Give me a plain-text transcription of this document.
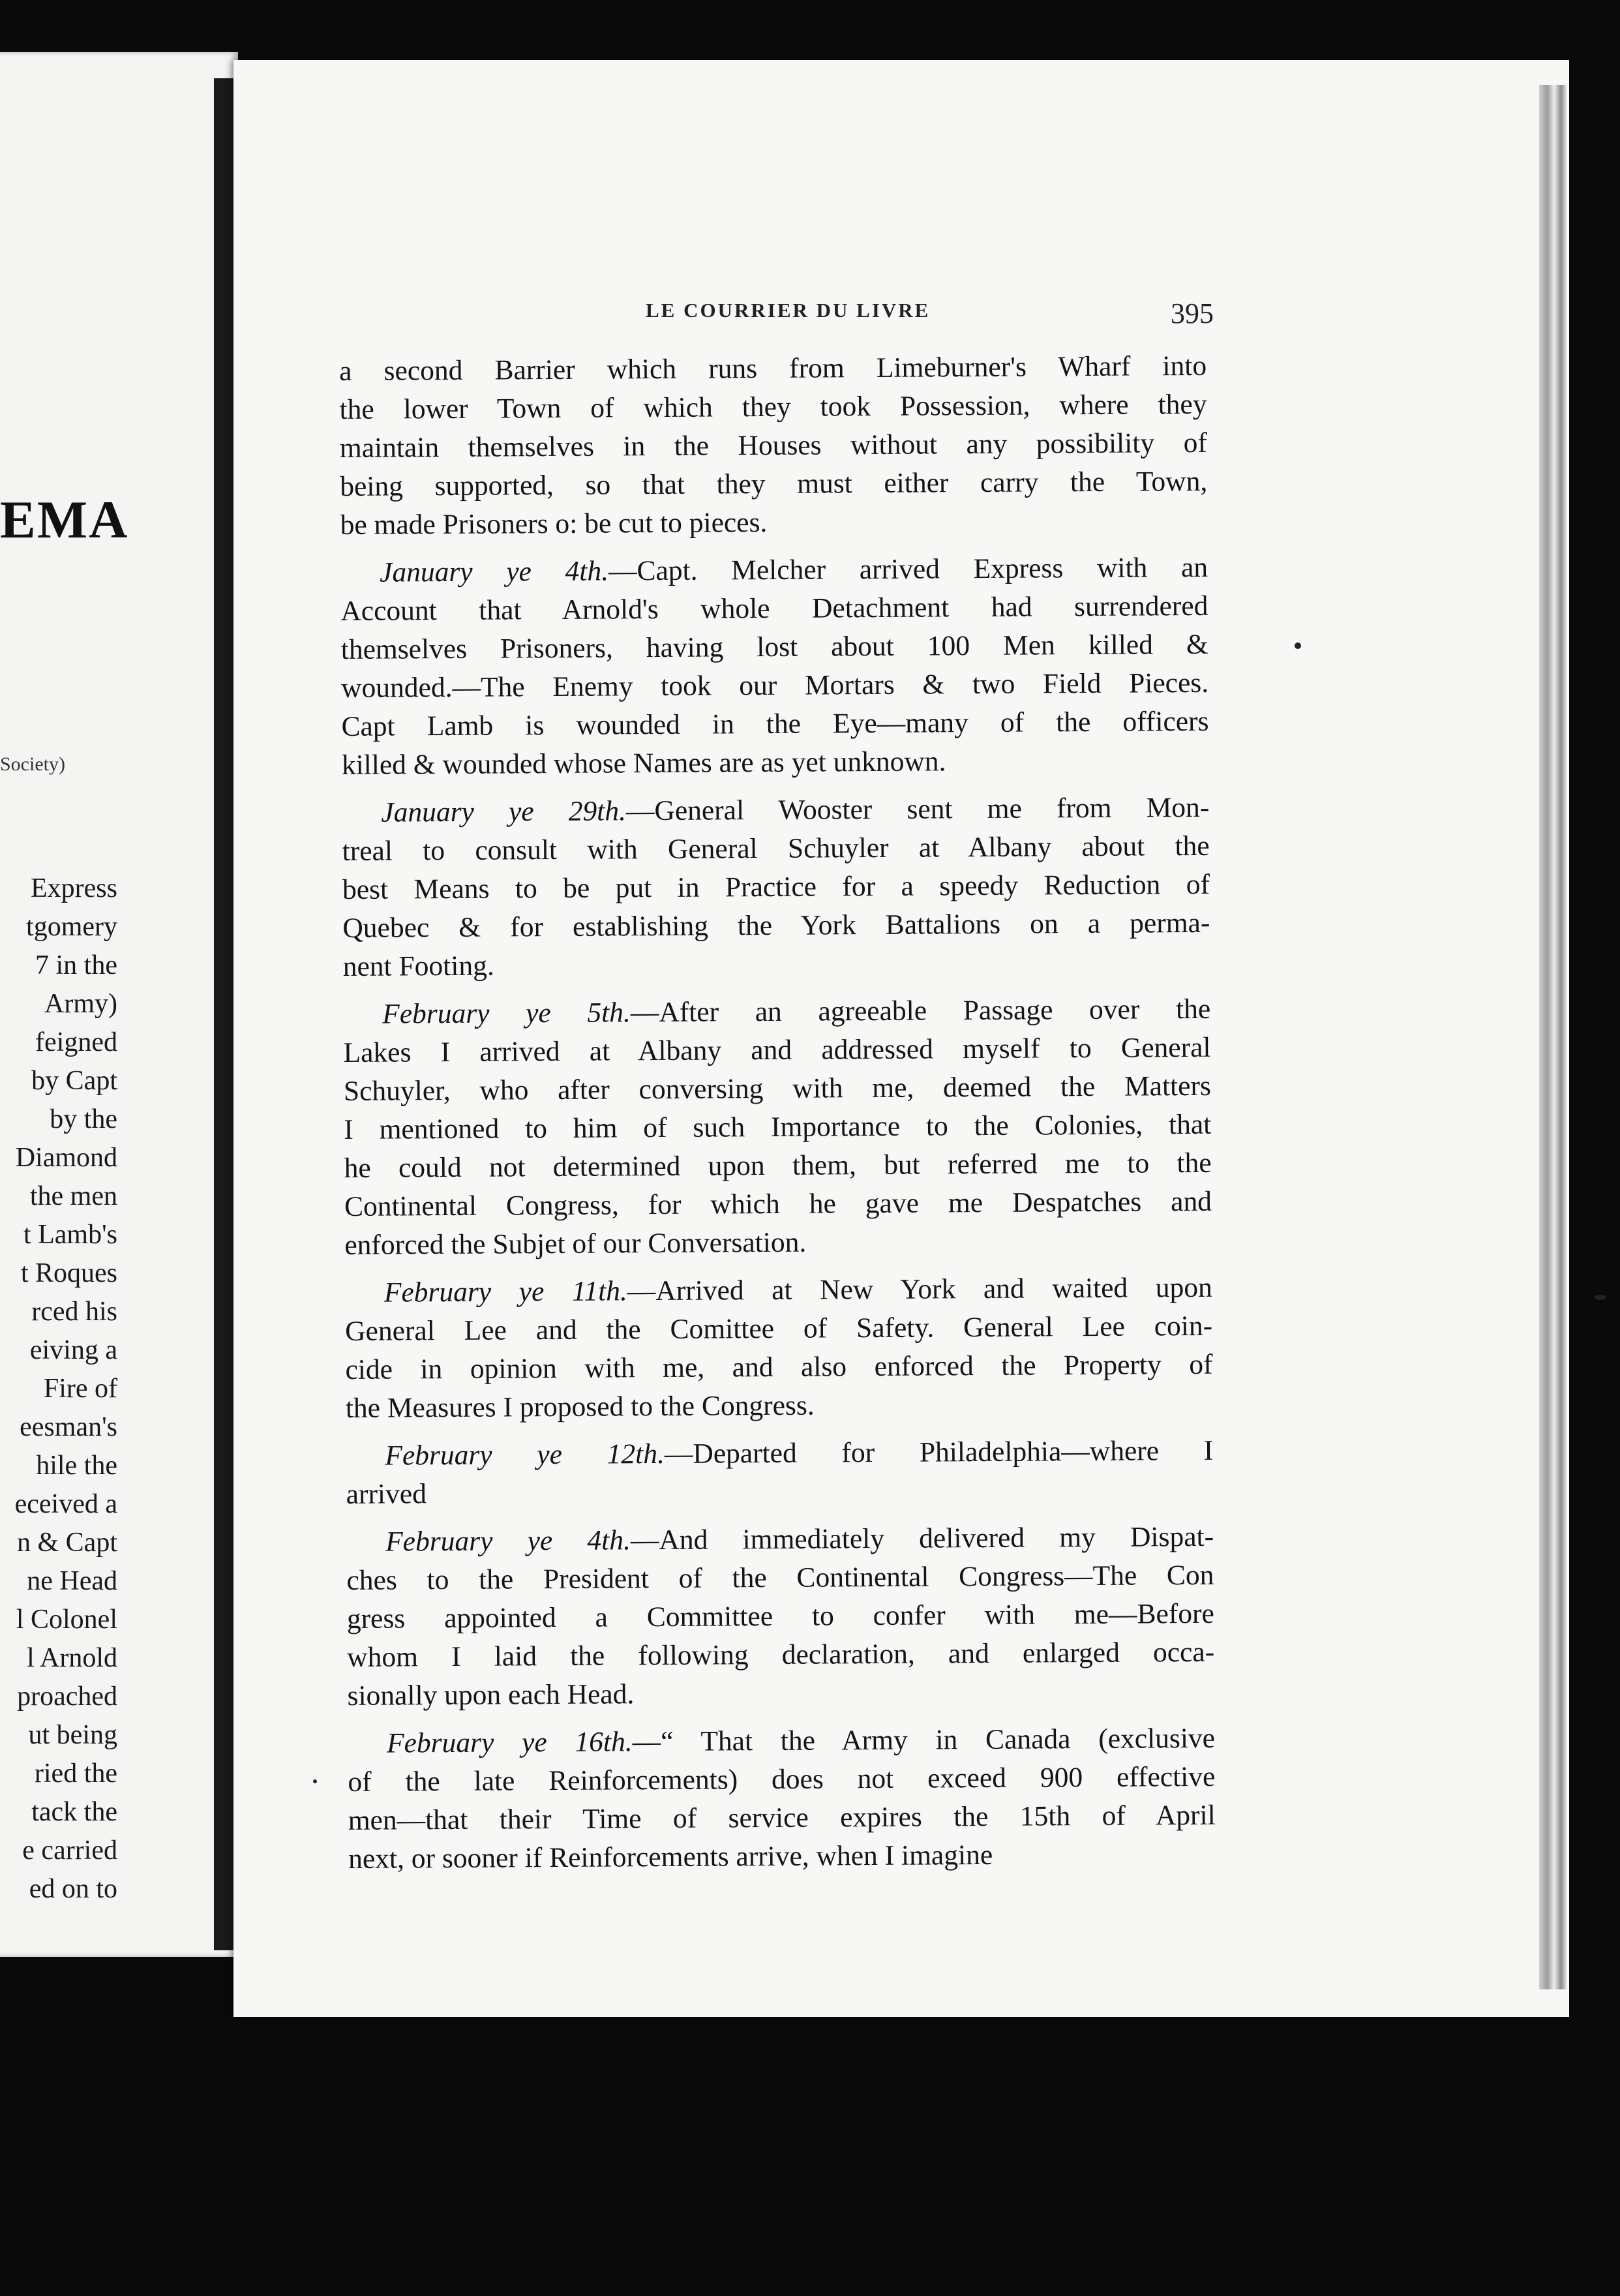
EMA
Society)
Express
tgomery
7 in the
Army)
feigned
by Capt
by the
Diamond
the men
t Lamb's
t Roques
rced his
eiving a
Fire of
eesman's
hile the
eceived a
n & Capt
ne Head
l Colonel
l Arnold
proached
ut being
ried the
tack the
e carried
ed on to
LE COURRIER DU LIVRE	395
a second Barrier which runs from Limeburner's Wharf into
the lower Town of which they took Possession, where they
maintain themselves in the Houses without any possibility of
being supported, so that they must either carry the Town,
be made Prisoners o: be cut to pieces.
January ye 4th.—Capt. Melcher arrived Express with an
Account that Arnold's whole Detachment had surrendered
themselves Prisoners, having lost about 100 Men killed &
wounded.—The Enemy took our Mortars & two Field Pieces.
Capt Lamb is wounded in the Eye—many of the officers
killed & wounded whose Names are as yet unknown.
January ye 29th.—General Wooster sent me from Mon-
treal to consult with General Schuyler at Albany about the
best Means to be put in Practice for a speedy Reduction of
Quebec & for establishing the York Battalions on a perma-
nent Footing.
February ye 5th.—After an agreeable Passage over the
Lakes I arrived at Albany and addressed myself to General
Schuyler, who after conversing with me, deemed the Matters
I mentioned to him of such Importance to the Colonies, that
he could not determined upon them, but referred me to the
Continental Congress, for which he gave me Despatches and
enforced the Subjet of our Conversation.
February ye 11th.—Arrived at New York and waited upon
General Lee and the Comittee of Safety. General Lee coin-
cide in opinion with me, and also enforced the Property of
the Measures I proposed to the Congress.
February ye 12th.—Departed for Philadelphia—where I
arrived
February ye 4th.—And immediately delivered my Dispat-
ches to the President of the Continental Congress—The Con
gress appointed a Committee to confer with me—Before
whom I laid the following declaration, and enlarged occa-
sionally upon each Head.
February ye 16th.—“ That the Army in Canada (exclusive
of the late Reinforcements) does not exceed 900 effective
men—that their Time of service expires the 15th of April
next, or sooner if Reinforcements arrive, when I imagine
